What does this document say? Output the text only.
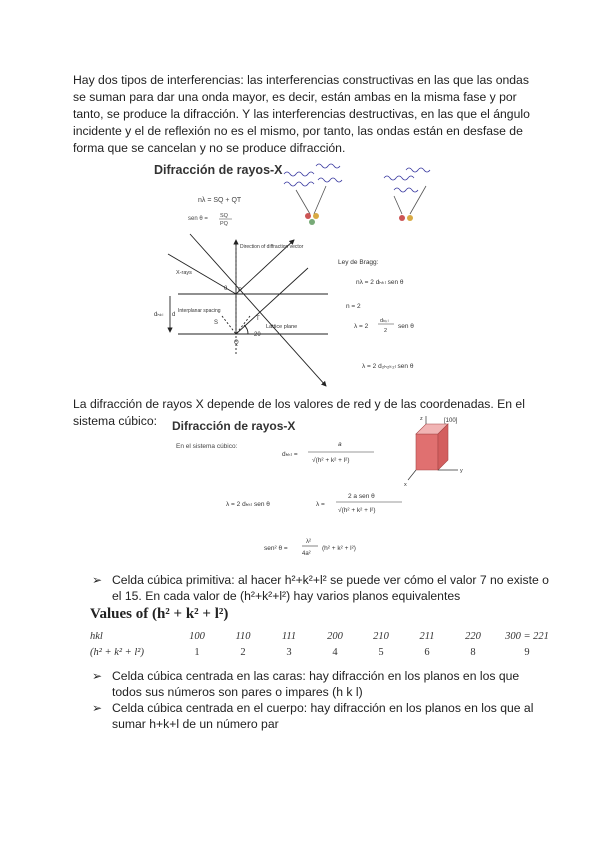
Hay dos tipos de interferencias: las interferencias constructivas en las que las ondas se suman para dar una onda mayor, es decir, están ambas en la misma fase y por tanto, se produce la difracción. Y las interferencias destructivas, en las que el ángulo incidente y el de reflexión no es el mismo, por tanto, las ondas están en desfase de forma que se cancelan y no se produce difracción.

Difracción de rayos-X
nλ = SQ + QT
sen θ = SQ
PQ
Direction of diffraction vector
X-rays
dₕₖₗ d
Interplanar spacing
Lattice plane
P
S
T
Q
θ
2θ
Ley de Bragg:
nλ = 2 dₕₖₗ sen θ
n = 2
λ = 2
dₕₖₗ
2
sen θ
λ = 2 d₂ₕ₂ₖ₂ₗ sen θ

La difracción de rayos X depende de los valores de red y de las coordenadas. En el sistema cúbico:	Difracción de rayos-X
En el sistema cúbico:
dₕₖₗ =
a
√(h² + k² + l²)
[100]
x
y
z
λ = 2 dₕₖₗ sen θ	λ =
2 a sen θ
√(h² + k² + l²)
sen² θ =
λ²
4a²
(h² + k² + l²)
➢ Celda cúbica primitiva: al hacer h²+k²+l² se puede ver cómo el valor 7 no existe o el 15. En cada valor de (h²+k²+l²) hay varios planos equivalentes
Values of (h² + k² + l²)
hkl	100	110	111	200	210	211	220	300 = 221
(h² + k² + l²)	1	2	3	4	5	6	8	9
➢ Celda cúbica centrada en las caras: hay difracción en los planos en los que todos sus números son pares o impares (h k l)
➢ Celda cúbica centrada en el cuerpo: hay difracción en los planos en los que al sumar h+k+l de un número par
